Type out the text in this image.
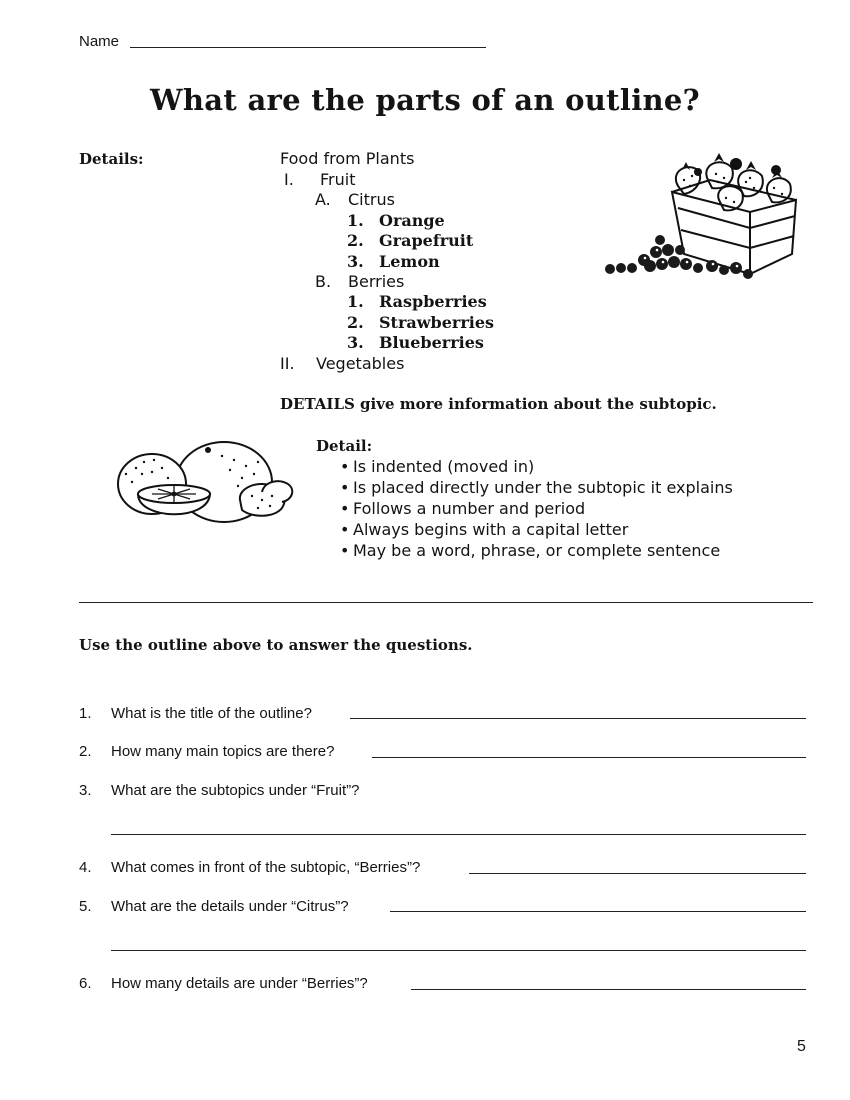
Name
What are the parts of an outline?
Details:	Food from Plants
I. Fruit
A. Citrus
1. Orange
2. Grapefruit
3. Lemon
B. Berries
1. Raspberries
2. Strawberries
3. Blueberries
II. Vegetables
DETAILS give more information about the subtopic.
Detail:
• Is indented (moved in)
• Is placed directly under the subtopic it explains
• Follows a number and period
• Always begins with a capital letter
• May be a word, phrase, or complete sentence
Use the outline above to answer the questions.
1. What is the title of the outline?
2. How many main topics are there?
3. What are the subtopics under “Fruit”?
4. What comes in front of the subtopic, “Berries”?
5. What are the details under “Citrus”?
6. How many details are under “Berries”?
5
